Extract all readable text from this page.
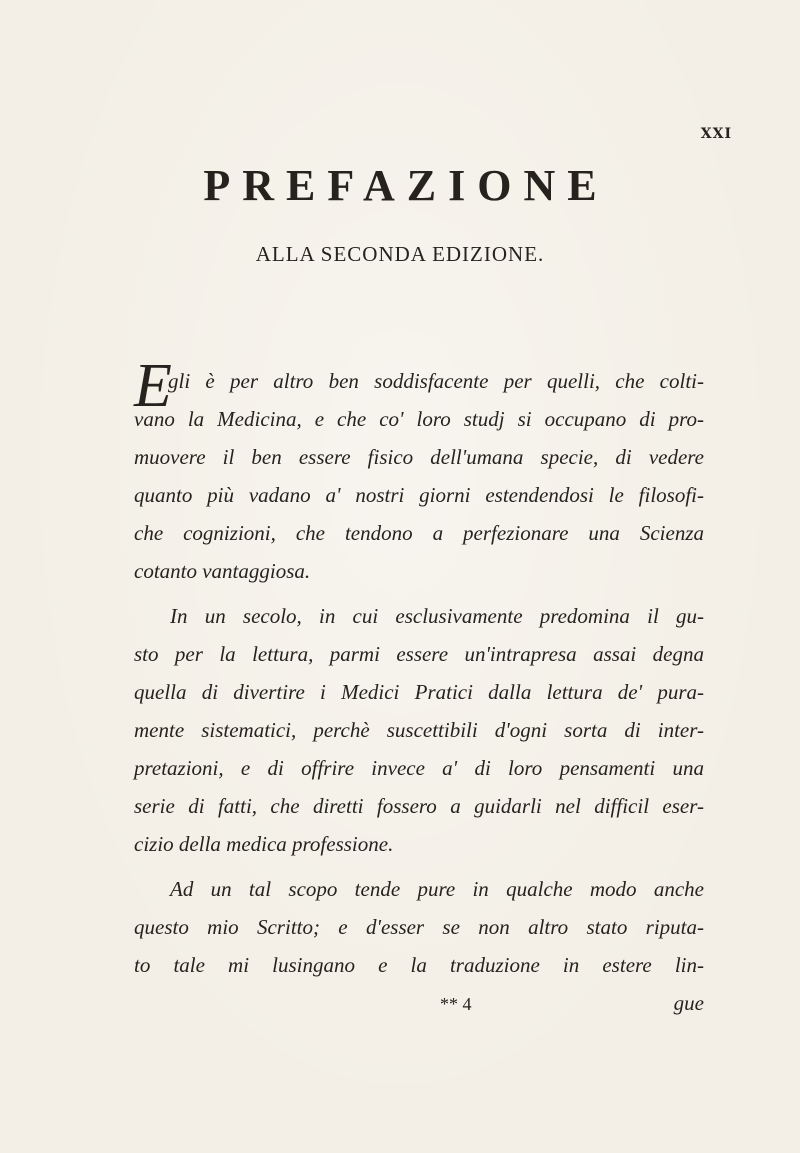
XXI
PREFAZIONE
ALLA SECONDA EDIZIONE.
E
gli è per altro ben soddisfacente per quelli, che colti-
vano la Medicina, e che co' loro studj si occupano di pro-
muovere il ben essere fisico dell'umana specie, di vedere
quanto più vadano a' nostri giorni estendendosi le filosofi-
che cognizioni, che tendono a perfezionare una Scienza
cotanto vantaggiosa.
In un secolo, in cui esclusivamente predomina il gu-
sto per la lettura, parmi essere un'intrapresa assai degna
quella di divertire i Medici Pratici dalla lettura de' pura-
mente sistematici, perchè suscettibili d'ogni sorta di inter-
pretazioni, e di offrire invece a' di loro pensamenti una
serie di fatti, che diretti fossero a guidarli nel difficil eser-
cizio della medica professione.
Ad un tal scopo tende pure in qualche modo anche
questo mio Scritto; e d'esser se non altro stato riputa-
to tale mi lusingano e la traduzione in estere lin-
** 4	gue
